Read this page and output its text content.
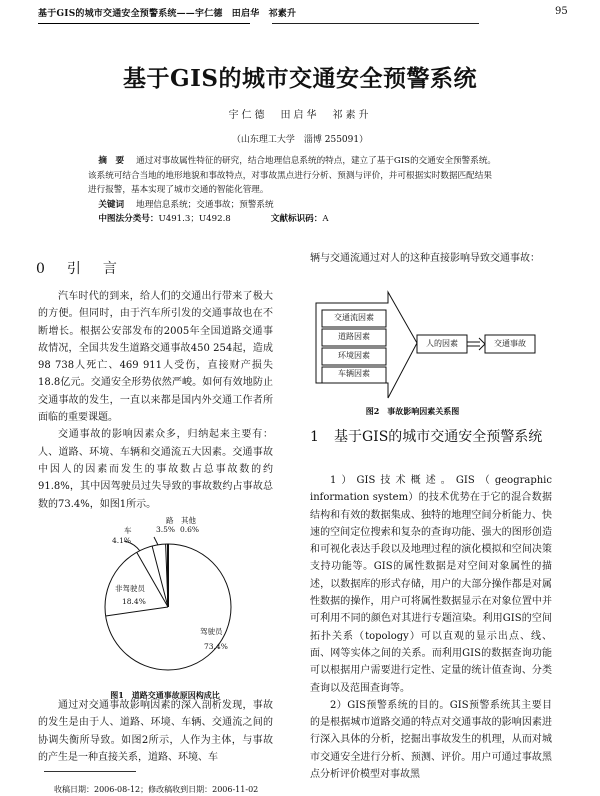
基于GIS的城市交通安全预警系统——宇仁德　田启华　祁素升	95
基于GIS的城市交通安全预警系统
宇仁德　田启华　祁素升
（山东理工大学　淄博 255091）

摘　要 通过对事故属性特征的研究，结合地理信息系统的特点，建立了基于GIS的交通安全预警系统。该系统可结合当地的地形地貌和事故特点，对事故黑点进行分析、预测与评价，并可根据实时数据匹配结果进行报警，基本实现了城市交通的智能化管理。

关键词 地理信息系统；交通事故；预警系统

中图法分类号：U491.3；U492.8	文献标识码：A

0　引　言

汽车时代的到来，给人们的交通出行带来了极大的方便。但同时，由于汽车所引发的交通事故也在不断增长。根据公安部发布的2005年全国道路交通事故情况，全国共发生道路交通事故450 254起，造成98 738人死亡、469 911人受伤，直接财产损失18.8亿元。交通安全形势依然严峻。如何有效地防止交通事故的发生，一直以来都是国内外交通工作者所面临的重要课题。

交通事故的影响因素众多，归纳起来主要有：人、道路、环境、车辆和交通流五大因素。交通事故中因人的因素而发生的事故数占总事故数的约91.8%，其中因驾驶员过失导致的事故数约占事故总数的73.4%，如图1所示。

路
3.5%
其他
0.6%
车
4.1%
非驾驶员
18.4%
驾驶员
73.4%
图1　道路交通事故原因构成比

通过对交通事故影响因素的深入剖析发现，事故的发生是由于人、道路、环境、车辆、交通流之间的协调失衡所导致。如图2所示，人作为主体，与事故的产生是一种直接关系，道路、环境、车

收稿日期：2006-08-12；修改稿收到日期：2006-11-02

辆与交通流通过对人的这种直接影响导致交通事故：

交通流因素
道路因素
环境因素
车辆因素
人的因素	交通事故
图2　事故影响因素关系图
1 基于GIS的城市交通安全预警系统

1）GIS技术概述。GIS（geographic information system）的技术优势在于它的混合数据结构和有效的数据集成、独特的地理空间分析能力、快速的空间定位搜索和复杂的查询功能、强大的图形创造和可视化表达手段以及地理过程的演化模拟和空间决策支持功能等。GIS的属性数据是对空间对象属性的描述，以数据库的形式存储，用户的大部分操作都是对属性数据的操作，用户可将属性数据显示在对象位置中并可利用不同的颜色对其进行专题渲染。利用GIS的空间拓扑关系（topology）可以直观的显示出点、线、面、网等实体之间的关系。而利用GIS的数据查询功能可以根据用户需要进行定性、定量的统计值查询、分类查询以及范围查询等。

2）GIS预警系统的目的。GIS预警系统其主要目的是根据城市道路交通的特点对交通事故的影响因素进行深入具体的分析，挖掘出事故发生的机理，从而对城市交通安全进行分析、预测、评价。用户可通过事故黑点分析评价模型对事故黑
